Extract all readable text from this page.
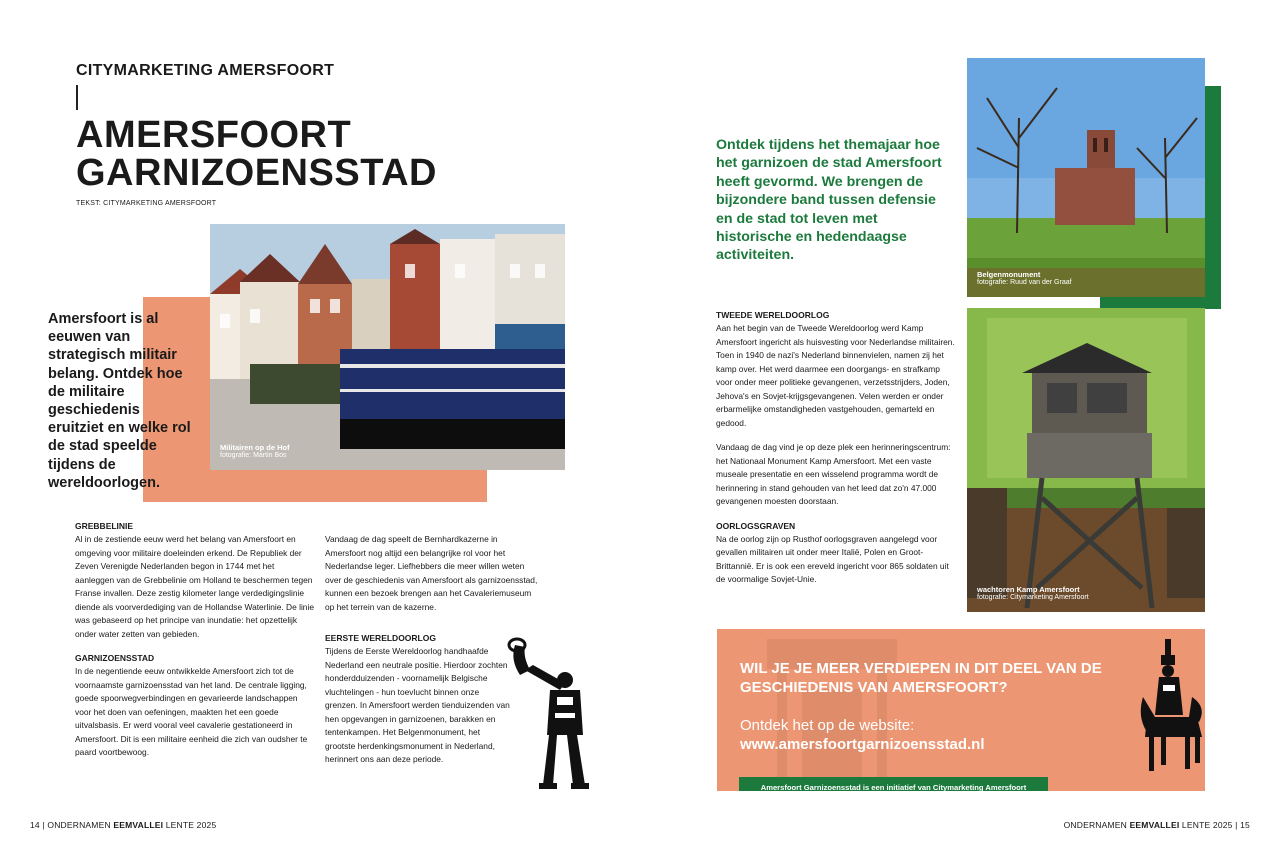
CITYMARKETING AMERSFOORT
AMERSFOORT
GARNIZOENSSTAD
TEKST: CITYMARKETING AMERSFOORT
Militairen op de Hof
fotografie: Martin Bos
Amersfoort is al eeuwen van strategisch militair belang. Ontdek hoe de militaire geschiedenis eruitziet en welke rol de stad speelde tijdens de wereldoorlogen.
GREBBELINIE

Al in de zestiende eeuw werd het belang van Amersfoort en omgeving voor militaire doeleinden erkend. De Republiek der Zeven Verenigde Nederlanden begon in 1744 met het aanleggen van de Grebbelinie om Holland te beschermen tegen Franse invallen. Deze zestig kilometer lange verdedigingslinie diende als voorverdediging van de Hollandse Waterlinie. De linie was gebaseerd op het principe van inundatie: het opzettelijk onder water zetten van gebieden.

GARNIZOENSSTAD

In de negentiende eeuw ontwikkelde Amersfoort zich tot de voornaamste garnizoensstad van het land. De centrale ligging, goede spoorwegverbindingen en gevarieerde landschappen voor het doen van oefeningen, maakten het een goede uitvalsbasis. Er werd vooral veel cavalerie gestationeerd in Amersfoort. Dit is een militaire eenheid die zich van oudsher te paard voortbewoog.

Vandaag de dag speelt de Bernhardkazerne in Amersfoort nog altijd een belangrijke rol voor het Nederlandse leger. Liefhebbers die meer willen weten over de geschiedenis van Amersfoort als garnizoensstad, kunnen een bezoek brengen aan het Cavaleriemuseum op het terrein van de kazerne.

EERSTE WERELDOORLOG

Tijdens de Eerste Wereldoorlog handhaafde Nederland een neutrale positie. Hierdoor zochten honderdduizenden - voornamelijk Belgische vluchtelingen - hun toevlucht binnen onze grenzen. In Amersfoort werden tienduizenden van hen opgevangen in garnizoenen, barakken en tentenkampen. Het Belgenmonument, het grootste herdenkingsmonument in Nederland, herinnert ons aan deze periode.

14 | ONDERNAMEN EEMVALLEI LENTE 2025
Ontdek tijdens het themajaar hoe het garnizoen de stad Amersfoort heeft gevormd. We brengen de bijzondere band tussen defensie en de stad tot leven met historische en hedendaagse activiteiten.
Belgenmonument
fotografie: Ruud van der Graaf
wachtoren Kamp Amersfoort
fotografie: Citymarketing Amersfoort
TWEEDE WERELDOORLOG

Aan het begin van de Tweede Wereldoorlog werd Kamp Amersfoort ingericht als huisvesting voor Nederlandse militairen. Toen in 1940 de nazi's Nederland binnenvielen, namen zij het kamp over. Het werd daarmee een doorgangs- en strafkamp voor onder meer politieke gevangenen, verzetsstrijders, Joden, Jehova's en Sovjet-krijgsgevangenen. Velen werden er onder erbarmelijke omstandigheden vastgehouden, gemarteld en gedood.

Vandaag de dag vind je op deze plek een herinneringscentrum: het Nationaal Monument Kamp Amersfoort. Met een vaste museale presentatie en een wisselend programma wordt de herinnering in stand gehouden van het leed dat zo'n 47.000 gevangenen moesten doorstaan.

OORLOGSGRAVEN

Na de oorlog zijn op Rusthof oorlogsgraven aangelegd voor gevallen militairen uit onder meer Italië, Polen en Groot-Brittannië. Er is ook een ereveld ingericht voor 865 soldaten uit de voormalige Sovjet-Unie.

WIL JE JE MEER VERDIEPEN IN DIT DEEL VAN DE GESCHIEDENIS VAN AMERSFOORT?
Ontdek het op de website:
www.amersfoortgarnizoensstad.nl
Amersfoort Garnizoensstad is een initiatief van Citymarketing Amersfoort
ONDERNAMEN EEMVALLEI LENTE 2025 | 15
